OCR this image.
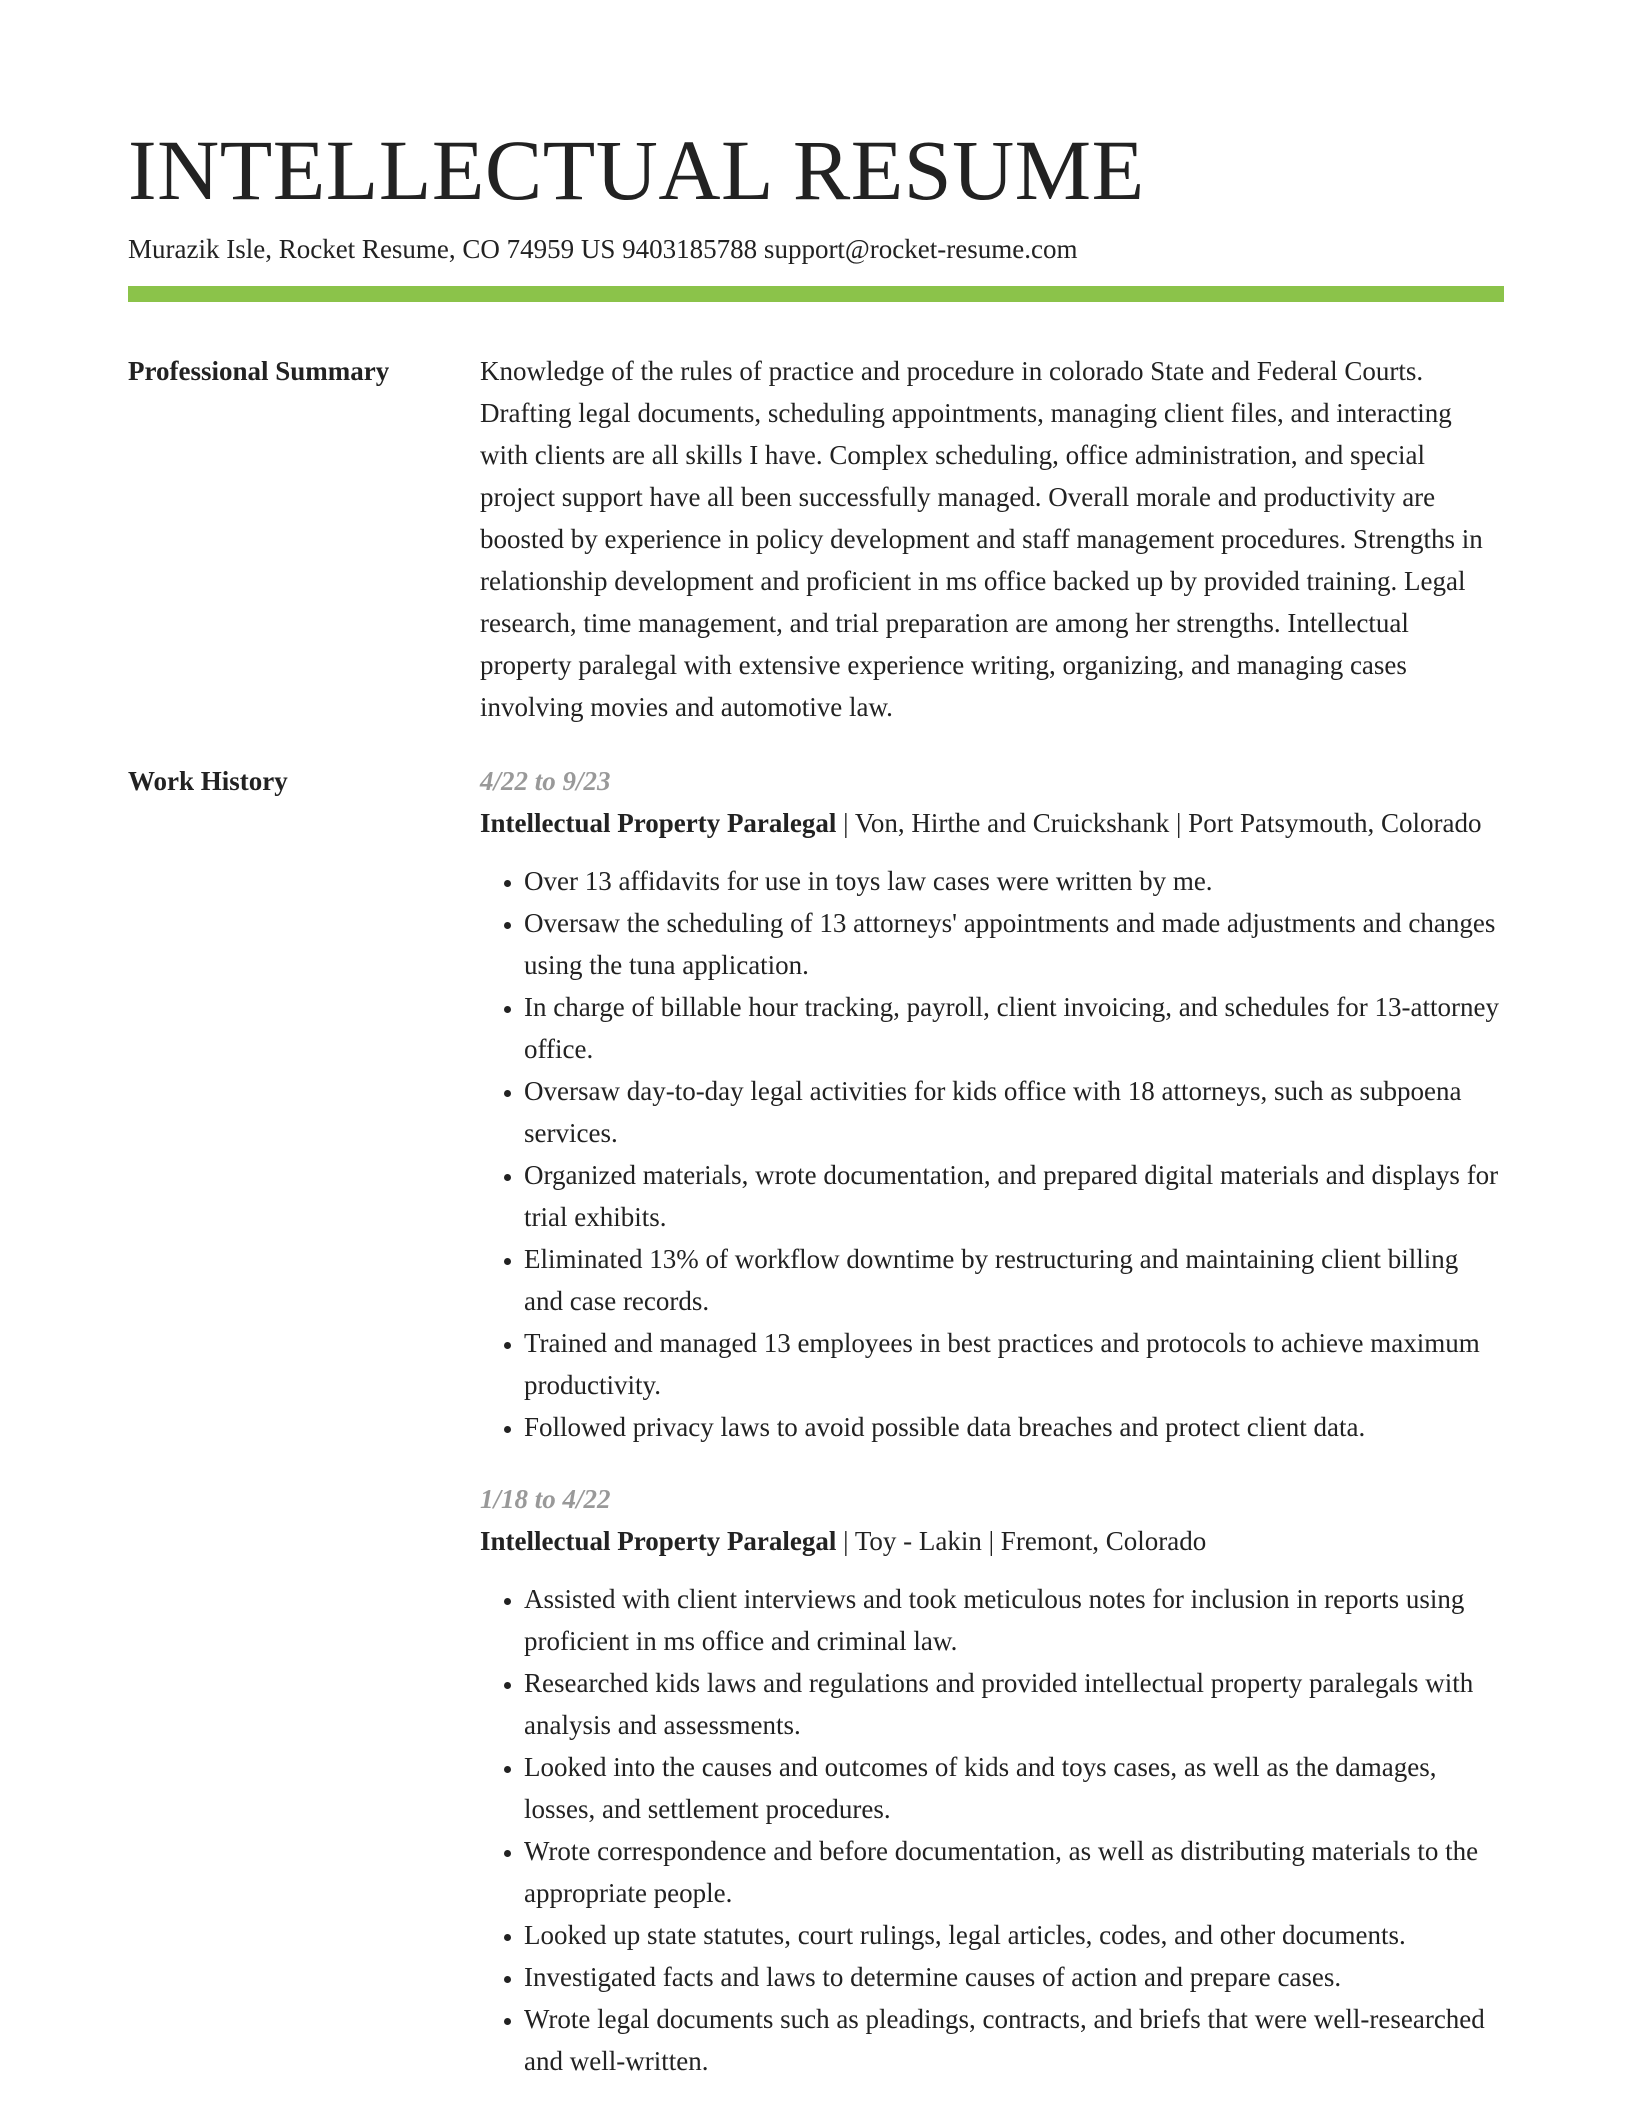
INTELLECTUAL RESUME
Murazik Isle, Rocket Resume, CO 74959 US 9403185788 support@rocket-resume.com
Professional Summary	Knowledge of the rules of practice and procedure in colorado State and Federal Courts. Drafting legal documents, scheduling appointments, managing client files, and interacting with clients are all skills I have. Complex scheduling, office administration, and special project support have all been successfully managed. Overall morale and productivity are boosted by experience in policy development and staff management procedures. Strengths in relationship development and proficient in ms office backed up by provided training. Legal research, time management, and trial preparation are among her strengths. Intellectual property paralegal with extensive experience writing, organizing, and managing cases involving movies and automotive law.

Work History	4/22 to 9/23
Intellectual Property Paralegal | Von, Hirthe and Cruickshank | Port Patsymouth, Colorado
• Over 13 affidavits for use in toys law cases were written by me.
• Oversaw the scheduling of 13 attorneys' appointments and made adjustments and changes using the tuna application.
• In charge of billable hour tracking, payroll, client invoicing, and schedules for 13-attorney office.
• Oversaw day-to-day legal activities for kids office with 18 attorneys, such as subpoena services.
• Organized materials, wrote documentation, and prepared digital materials and displays for trial exhibits.
• Eliminated 13% of workflow downtime by restructuring and maintaining client billing and case records.
• Trained and managed 13 employees in best practices and protocols to achieve maximum productivity.
• Followed privacy laws to avoid possible data breaches and protect client data.
1/18 to 4/22
Intellectual Property Paralegal | Toy - Lakin | Fremont, Colorado
• Assisted with client interviews and took meticulous notes for inclusion in reports using proficient in ms office and criminal law.
• Researched kids laws and regulations and provided intellectual property paralegals with analysis and assessments.
• Looked into the causes and outcomes of kids and toys cases, as well as the damages, losses, and settlement procedures.
• Wrote correspondence and before documentation, as well as distributing materials to the appropriate people.
• Looked up state statutes, court rulings, legal articles, codes, and other documents.
• Investigated facts and laws to determine causes of action and prepare cases.
• Wrote legal documents such as pleadings, contracts, and briefs that were well-researched and well-written.
